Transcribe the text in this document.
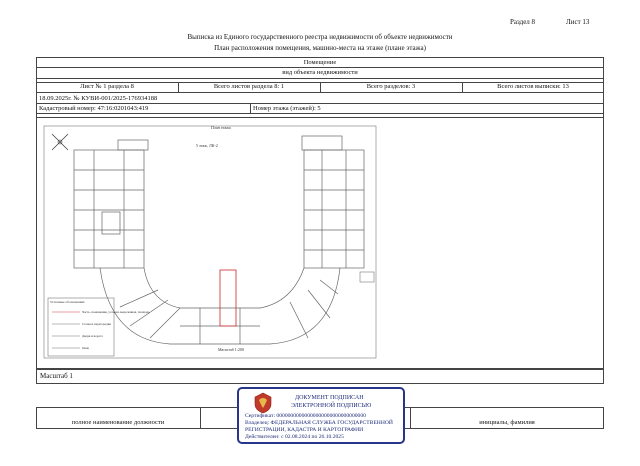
Раздел 8	Лист 13
Выписка из Единого государственного реестра недвижимости об объекте недвижимости
План расположения помещения, машино-места на этаже (плане этажа)
Помещение
вид объекта недвижимости
Лист № 1 раздела 8	Всего листов раздела 8: 1	Всего разделов: 3	Всего листов выписки: 13
18.09.2025г. № КУВИ-001/2025-176934188
Кадастровый номер: 47:16:0201043:419	Номер этажа (этажей): 5
План этажа
5 этаж, ЛК-2
Условные обозначения:
Часть, помещения, условно выделенная, площадь
Стены и перегородки
Двери и ворота
Окна	Масштаб 1:200
Масштаб 1
полное наименование должности	инициалы, фамилия
ДОКУМЕНТ ПОДПИСАН
ЭЛЕКТРОННОЙ ПОДПИСЬЮ
Сертификат: 00000000000000000000000000000000
Владелец: ФЕДЕРАЛЬНАЯ СЛУЖБА ГОСУДАРСТВЕННОЙ
РЕГИСТРАЦИИ, КАДАСТРА И КАРТОГРАФИИ
Действителен: с 02.08.2024 по 26.10.2025
